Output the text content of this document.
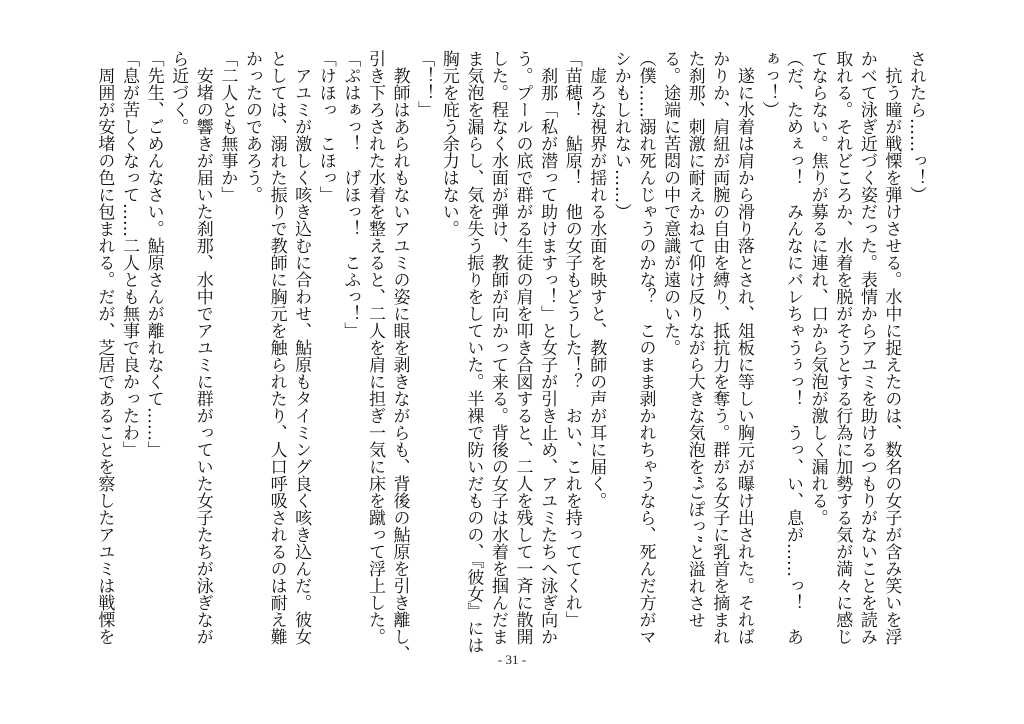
されたら……っ！）
　抗う瞳が戦慄を弾けさせる。水中に捉えたのは、数名の女子が含み笑いを浮
かべて泳ぎ近づく姿だった。表情からアユミを助けるつもりがないことを読み
取れる。それどころか、水着を脱がそうとする行為に加勢する気が満々に感じ
てならない。焦りが募るに連れ、口から気泡が激しく漏れる。
（だ、ためぇっ！　みんなにバレちゃうぅっ！　うっ、い、息が……っ！　あ
ぁっ！）
　遂に水着は肩から滑り落とされ、俎板に等しい胸元が曝け出された。それば
かりか、肩紐が両腕の自由を縛り、抵抗力を奪う。群がる女子に乳首を摘まれ
た刹那、刺激に耐えかねて仰け反りながら大きな気泡を“ごぽっ”と溢れさせ
る。途端に苦悶の中で意識が遠のいた。
（僕……溺れ死んじゃうのかな？　このまま剥かれちゃうなら、死んだ方がマ
シかもしれない……）
　虚ろな視界が揺れる水面を映すと、教師の声が耳に届く。
「苗穂！　鮎原！　他の女子もどうした！？　おい、これを持っててくれ」
　刹那「私が潜って助けますっ！」と女子が引き止め、アユミたちへ泳ぎ向か
う。プールの底で群がる生徒の肩を叩き合図すると、二人を残して一斉に散開
した。程なく水面が弾け、教師が向かって来る。背後の女子は水着を掴んだま
ま気泡を漏らし、気を失う振りをしていた。半裸で防いだものの、『彼女』には
胸元を庇う余力はない。
「！！」
　教師はあられもないアユミの姿に眼を剥きながらも、背後の鮎原を引き離し、
引き下ろされた水着を整えると、二人を肩に担ぎ一気に床を蹴って浮上した。
「ぷはぁっ！　げほっ！　こふっ！」
「けほっ　こほっ」
　アユミが激しく咳き込むに合わせ、鮎原もタイミング良く咳き込んだ。彼女
としては、溺れた振りで教師に胸元を触られたり、人口呼吸されるのは耐え難
かったのであろう。
「二人とも無事か」
　安堵の響きが届いた刹那、水中でアユミに群がっていた女子たちが泳ぎなが
ら近づく。
「先生、ごめんなさい。鮎原さんが離れなくて……」
「息が苦しくなって……二人とも無事で良かったわ」
　周囲が安堵の色に包まれる。だが、芝居であることを察したアユミは戦慄を
- 31 -
